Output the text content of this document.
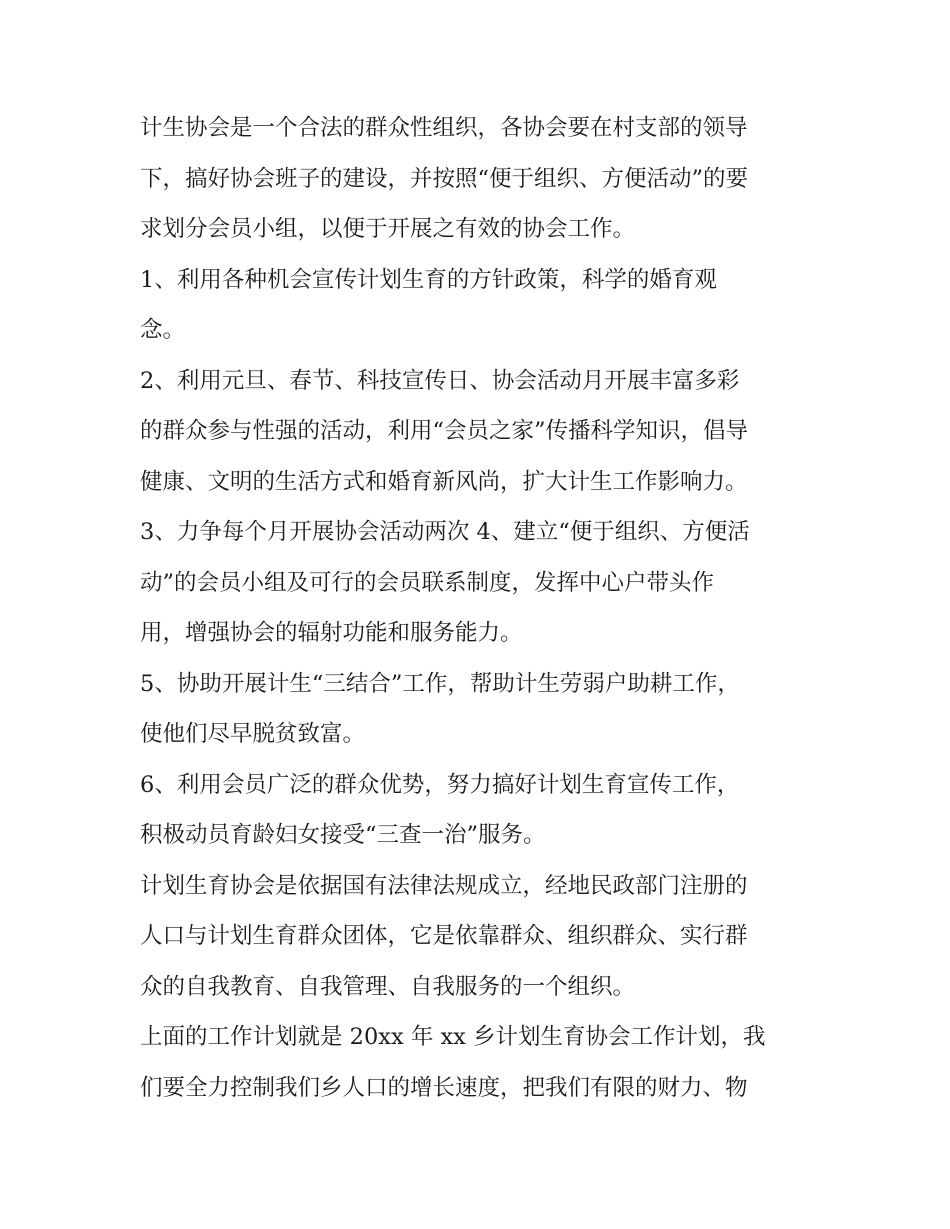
计生协会是一个合法的群众性组织，各协会要在村支部的领导
下，搞好协会班子的建设，并按照“便于组织、方便活动”的要
求划分会员小组，以便于开展之有效的协会工作。

1、利用各种机会宣传计划生育的方针政策，科学的婚育观
念。

2、利用元旦、春节、科技宣传日、协会活动月开展丰富多彩
的群众参与性强的活动，利用“会员之家”传播科学知识，倡导
健康、文明的生活方式和婚育新风尚，扩大计生工作影响力。

3、力争每个月开展协会活动两次 4、建立“便于组织、方便活
动”的会员小组及可行的会员联系制度，发挥中心户带头作
用，增强协会的辐射功能和服务能力。

5、协助开展计生“三结合”工作，帮助计生劳弱户助耕工作，
使他们尽早脱贫致富。

6、利用会员广泛的群众优势，努力搞好计划生育宣传工作，
积极动员育龄妇女接受“三查一治”服务。

计划生育协会是依据国有法律法规成立，经地民政部门注册的
人口与计划生育群众团体，它是依靠群众、组织群众、实行群
众的自我教育、自我管理、自我服务的一个组织。

上面的工作计划就是 20xx 年 xx 乡计划生育协会工作计划，我
们要全力控制我们乡人口的增长速度，把我们有限的财力、物
